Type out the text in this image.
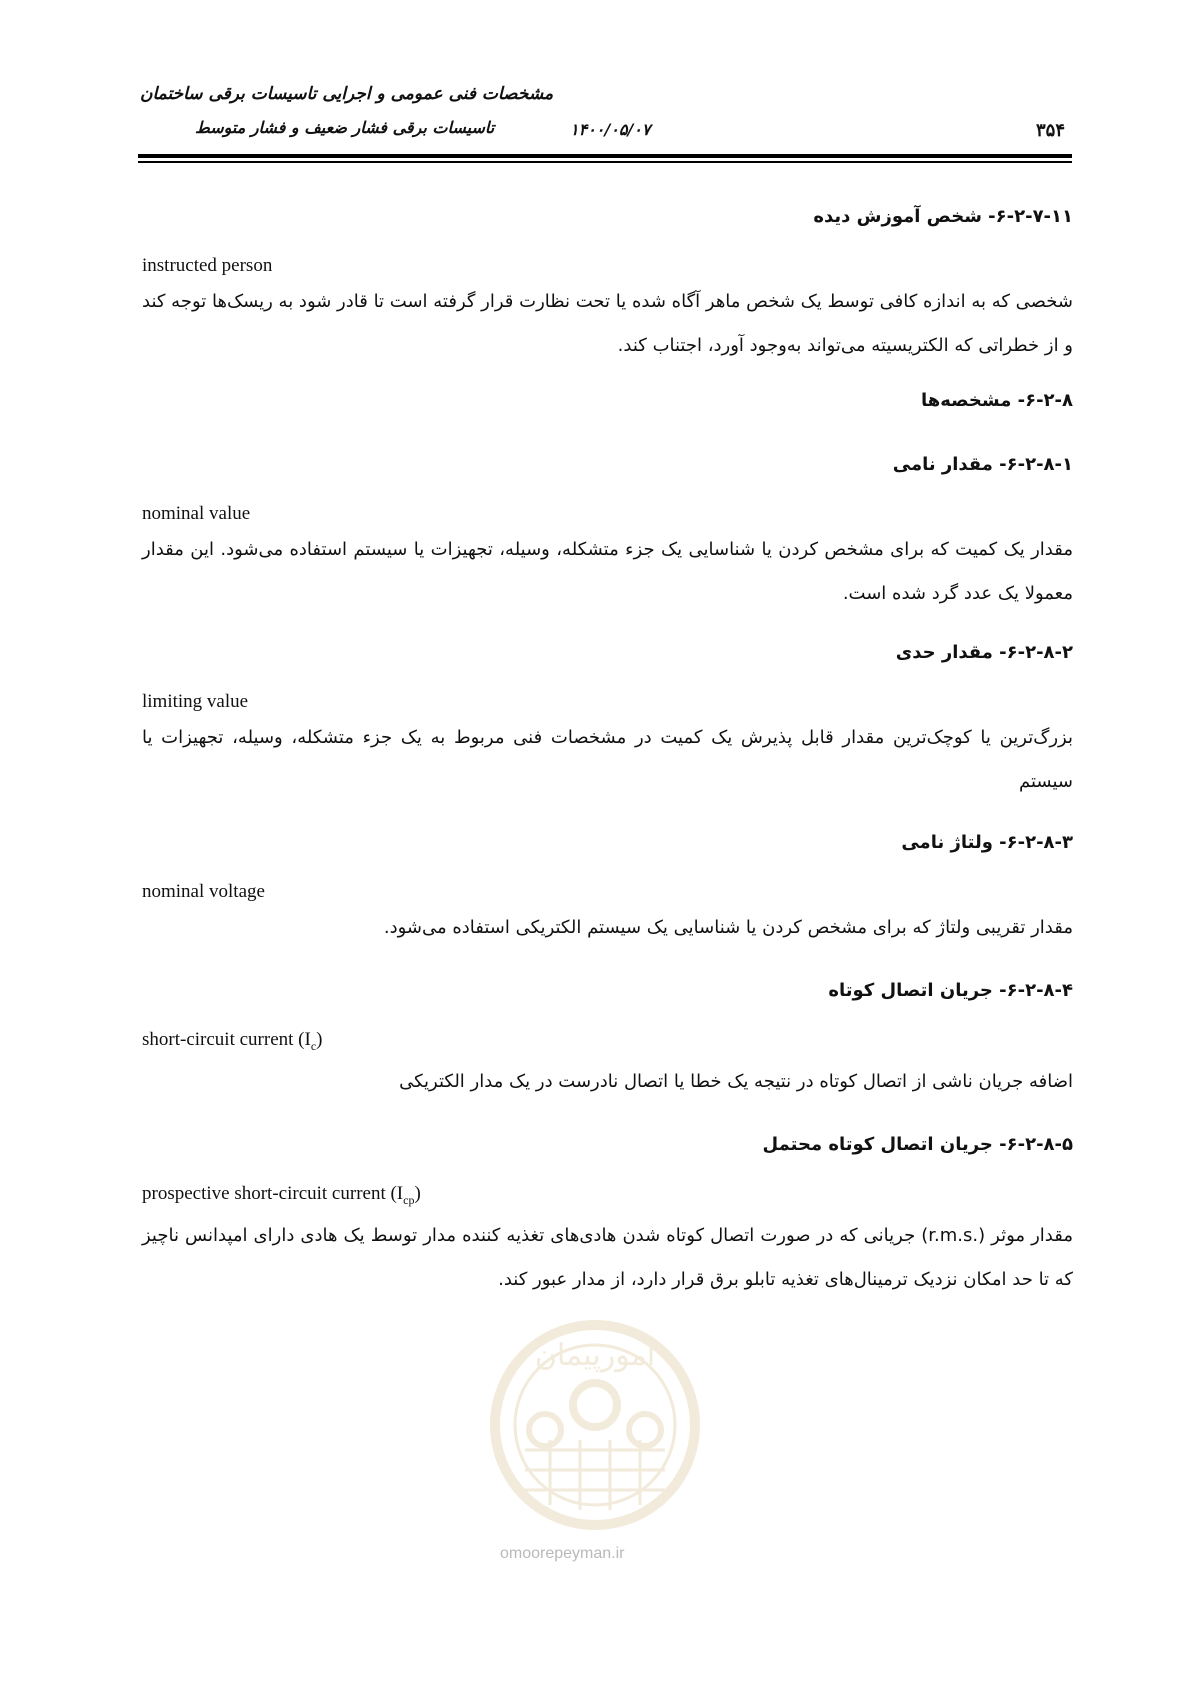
مشخصات فنی عمومی و اجرایی تاسیسات برقی ساختمان
تاسیسات برقی فشار ضعیف و فشار متوسط	۱۴۰۰/۰۵/۰۷	۳۵۴

۶-۲-۷-۱۱- شخص آموزش دیده

instructed person

شخصی که به اندازه کافی توسط یک شخص ماهر آگاه شده یا تحت نظارت قرار گرفته است تا قادر شود به ریسک‌ها توجه کند و از خطراتی که الکتریسیته می‌تواند به‌وجود آورد، اجتناب کند.

۶-۲-۸- مشخصه‌ها

۶-۲-۸-۱- مقدار نامی

nominal value

مقدار یک کمیت که برای مشخص کردن یا شناسایی یک جزء متشکله، وسیله، تجهیزات یا سیستم استفاده می‌شود. این مقدار معمولا یک عدد گرد شده است.

۶-۲-۸-۲- مقدار حدی

limiting value

بزرگ‌ترین یا کوچک‌ترین مقدار قابل پذیرش یک کمیت در مشخصات فنی مربوط به یک جزء متشکله، وسیله، تجهیزات یا سیستم

۶-۲-۸-۳- ولتاژ نامی

nominal voltage

مقدار تقریبی ولتاژ که برای مشخص کردن یا شناسایی یک سیستم الکتریکی استفاده می‌شود.

۶-۲-۸-۴- جریان اتصال کوتاه

short-circuit current $(I_c)$

اضافه جریان ناشی از اتصال کوتاه در نتیجه یک خطا یا اتصال نادرست در یک مدار الکتریکی

۶-۲-۸-۵- جریان اتصال کوتاه محتمل

prospective short-circuit current $(I_{cp})$

مقدار موثر (.r.m.s) جریانی که در صورت اتصال کوتاه شدن هادی‌های تغذیه کننده مدار توسط یک هادی دارای امپدانس ناچیز که تا حد امکان نزدیک ترمینال‌های تغذیه تابلو برق قرار دارد، از مدار عبور کند.

امورپیمان
omoorepeyman.ir
